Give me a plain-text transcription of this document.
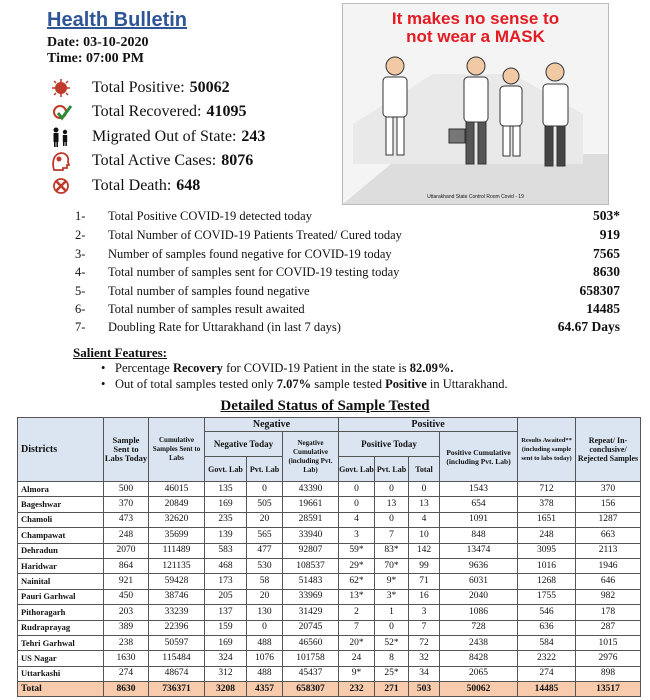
Health Bulletin
Date: 03-10-2020
Time: 07:00 PM
Total Positive: 50062
Total Recovered: 41095
Migrated Out of State: 243
Total Active Cases: 8076
Total Death: 648
It makes no sense to
not wear a MASK
Uttarakhand State Control Room Covid - 19
1-	Total Positive COVID-19 detected today	503*
2-	Total Number of COVID-19 Patients Treated/ Cured today	919
3-	Number of samples found negative for COVID-19 today	7565
4-	Total number of samples sent for COVID-19 testing today	8630
5-	Total number of samples found negative	658307
6-	Total number of samples result awaited	14485
7-	Doubling Rate for Uttarakhand (in last 7 days)	64.67 Days
Salient Features:
• Percentage Recovery for COVID-19 Patient in the state is 82.09%.
• Out of total samples tested only 7.07% sample tested Positive in Uttarakhand.
Detailed Status of Sample Tested
Districts	Sample Sent to Labs Today	Cumulative Samples Sent to Labs	Negative			Positive				Results Awaited** (including sample sent to labs today)	Repeat/ In-conclusive/ Rejected Samples
			Negative Today		Negative Cumulative (including Pvt. Lab)	Positive Today			Positive Cumulative (including Pvt. Lab)		
			Govt. Lab	Pvt. Lab		Govt. Lab	Pvt. Lab	Total			
Almora	500	46015	135	0	43390	0	0	0	1543	712	370
Bageshwar	370	20849	169	505	19661	0	13	13	654	378	156
Chamoli	473	32620	235	20	28591	4	0	4	1091	1651	1287
Champawat	248	35699	139	565	33940	3	7	10	848	248	663
Dehradun	2070	111489	583	477	92807	59*	83*	142	13474	3095	2113
Haridwar	864	121135	468	530	108537	29*	70*	99	9636	1016	1946
Nainital	921	59428	173	58	51483	62*	9*	71	6031	1268	646
Pauri Garhwal	450	38746	205	20	33969	13*	3*	16	2040	1755	982
Pithoragarh	203	33239	137	130	31429	2	1	3	1086	546	178
Rudraprayag	389	22396	159	0	20745	7	0	7	728	636	287
Tehri Garhwal	238	50597	169	488	46560	20*	52*	72	2438	584	1015
US Nagar	1630	115484	324	1076	101758	24	8	32	8428	2322	2976
Uttarkashi	274	48674	312	488	45437	9*	25*	34	2065	274	898
Total	8630	736371	3208	4357	658307	232	271	503	50062	14485	13517
